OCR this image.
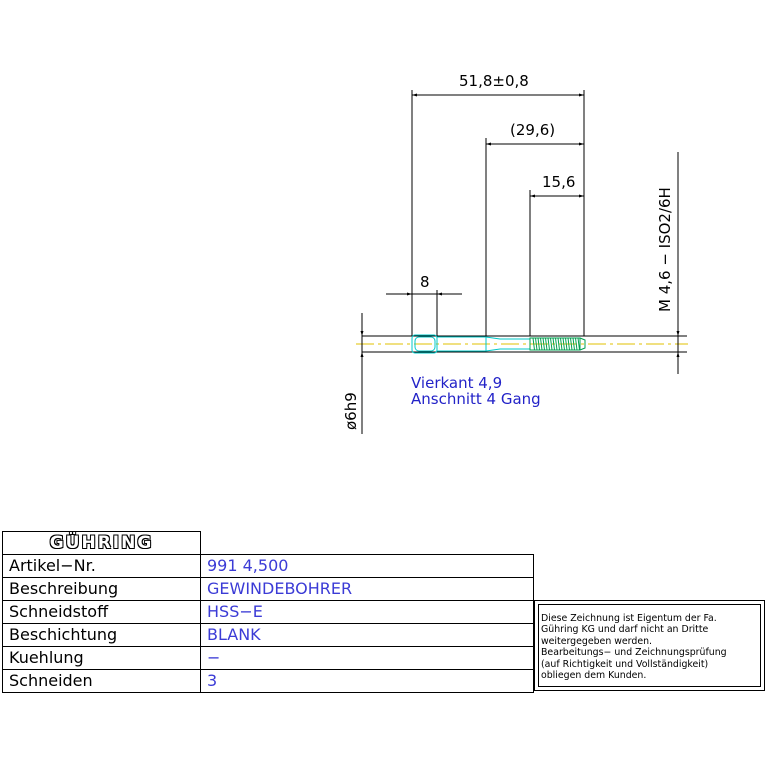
51,8±0,8
(29,6)
15,6
8
ø6h9
M 4,6 − ISO2/6H
Vierkant 4,9
Anschnitt 4 Gang
GÜHRING	
Artikel−Nr.	991 4,500
Beschreibung	GEWINDEBOHRER
Schneidstoff	HSS−E
Beschichtung	BLANK
Kuehlung	−
Schneiden	3
Diese Zeichnung ist Eigentum der Fa.
Gühring KG und darf nicht an Dritte
weitergegeben werden.
Bearbeitungs− und Zeichnungsprüfung
(auf Richtigkeit und Vollständigkeit)
obliegen dem Kunden.
